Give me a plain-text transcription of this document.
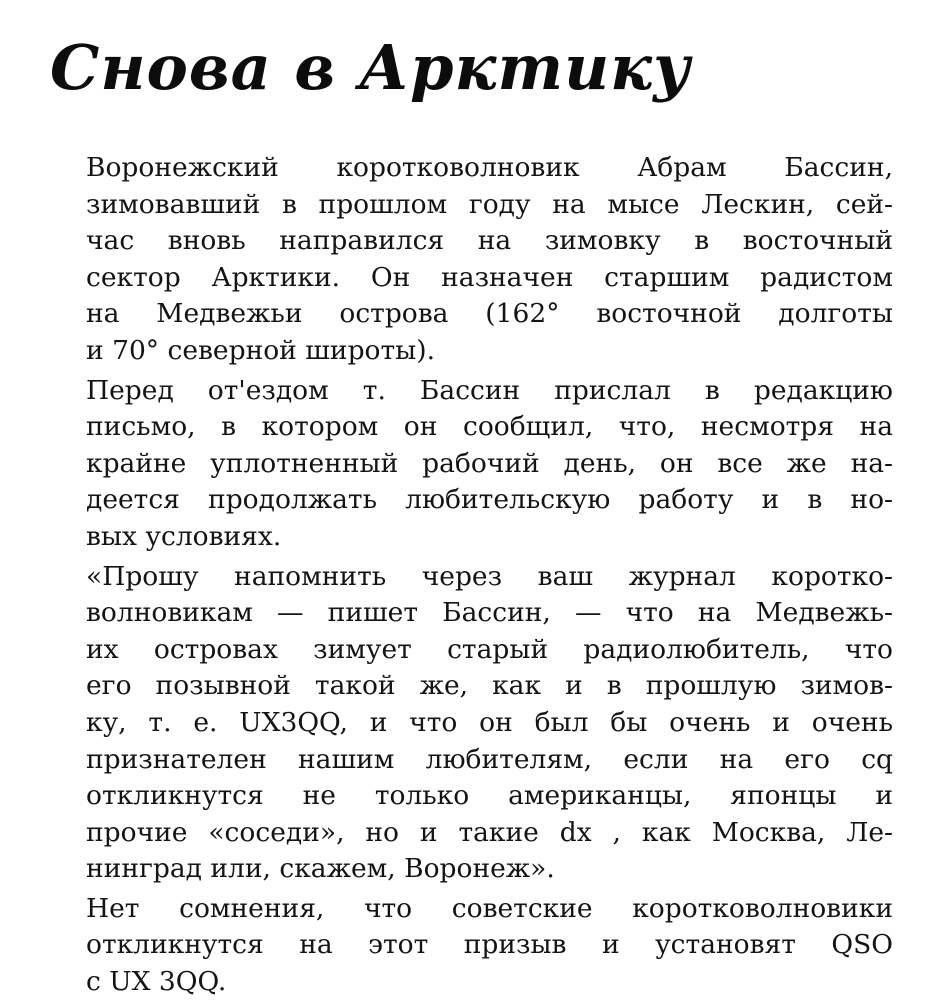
Снова в Арктику

Воронежский коротковолновик Абрам Бассин,
зимовавший в прошлом году на мысе Лескин, сей-
час вновь направился на зимовку в восточный
сектор Арктики. Он назначен старшим радистом
на Медвежьи острова (162° восточной долготы
и 70° северной широты).

Перед от'ездом т. Бассин прислал в редакцию
письмо, в котором он сообщил, что, несмотря на
крайне уплотненный рабочий день, он все же на-
деется продолжать любительскую работу и в но-
вых условиях.

«Прошу напомнить через ваш журнал коротко-
волновикам — пишет Бассин, — что на Медвежь-
их островах зимует старый радиолюбитель, что
его позывной такой же, как и в прошлую зимов-
ку, т. е. UX3QQ, и что он был бы очень и очень
признателен нашим любителям, если на его cq
откликнутся не только американцы, японцы и
прочие «соседи», но и такие dx , как Москва, Ле-
нинград или, скажем, Воронеж».

Нет сомнения, что советские коротковолновики
откликнутся на этот призыв и установят QSO
с UX 3QQ.
